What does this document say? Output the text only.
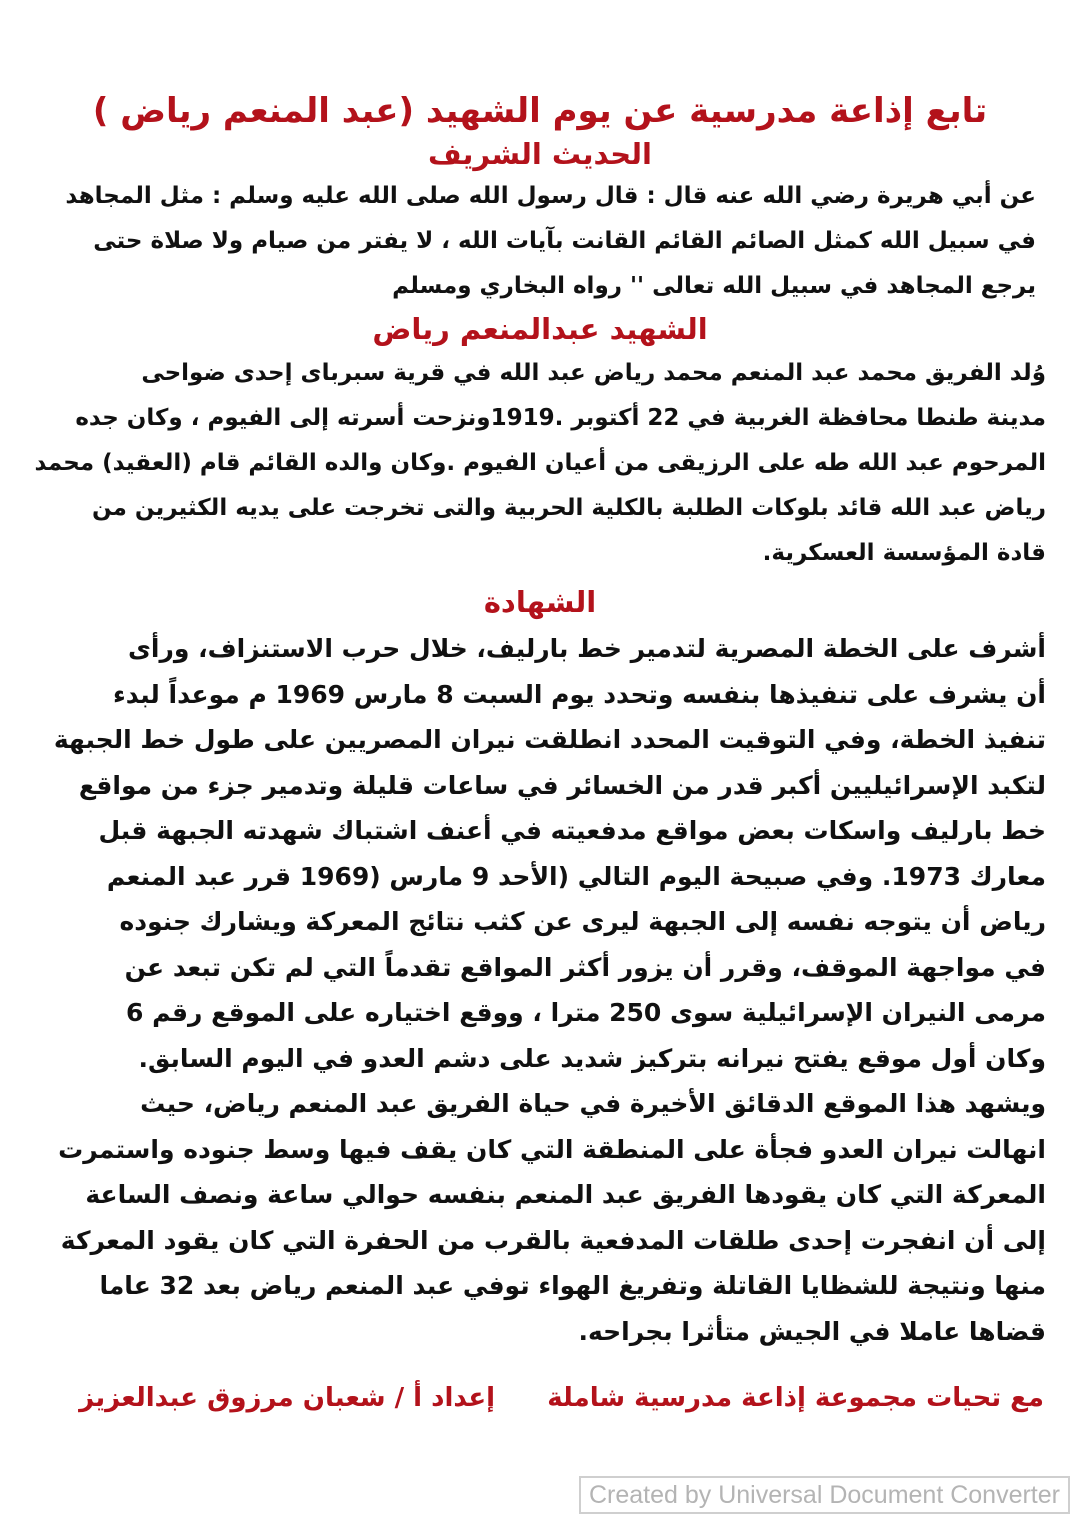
تابع إذاعة مدرسية عن يوم الشهيد (عبد المنعم رياض )
الحديث الشريف

عن أبي هريرة رضي الله عنه قال : قال رسول الله صلى الله عليه وسلم : مثل المجاهد
في سبيل الله كمثل الصائم القائم القانت بآيات الله ، لا يفتر من صيام ولا صلاة حتى
يرجع المجاهد في سبيل الله تعالى '' رواه البخاري ومسلم

الشهيد عبدالمنعم رياض

وُلد الفريق محمد عبد المنعم محمد رياض عبد الله في قرية سبرباى إحدى ضواحى
مدينة طنطا محافظة الغربية في 22 أكتوبر .1919ونزحت أسرته إلى الفيوم ، وكان جده
المرحوم عبد الله طه على الرزيقى من أعيان الفيوم .وكان والده القائم قام (العقيد) محمد
رياض عبد الله قائد بلوكات الطلبة بالكلية الحربية والتى تخرجت على يديه الكثيرين من
قادة المؤسسة العسكرية.

الشهادة

أشرف على الخطة المصرية لتدمير خط بارليف، خلال حرب الاستنزاف، ورأى
أن يشرف على تنفيذها بنفسه وتحدد يوم السبت 8 مارس 1969 م موعداً لبدء
تنفيذ الخطة، وفي التوقيت المحدد انطلقت نيران المصريين على طول خط الجبهة
لتكبد الإسرائيليين أكبر قدر من الخسائر في ساعات قليلة وتدمير جزء من مواقع
خط بارليف واسكات بعض مواقع مدفعيته في أعنف اشتباك شهدته الجبهة قبل
معارك 1973. وفي صبيحة اليوم التالي (الأحد 9 مارس (1969 قرر عبد المنعم
رياض أن يتوجه نفسه إلى الجبهة ليرى عن كثب نتائج المعركة ويشارك جنوده
في مواجهة الموقف، وقرر أن يزور أكثر المواقع تقدماً التي لم تكن تبعد عن
مرمى النيران الإسرائيلية سوى 250 مترا ، ووقع اختياره على الموقع رقم 6
وكان أول موقع يفتح نيرانه بتركيز شديد على دشم العدو في اليوم السابق.
ويشهد هذا الموقع الدقائق الأخيرة في حياة الفريق عبد المنعم رياض، حيث
انهالت نيران العدو فجأة على المنطقة التي كان يقف فيها وسط جنوده واستمرت
المعركة التي كان يقودها الفريق عبد المنعم بنفسه حوالي ساعة ونصف الساعة
إلى أن انفجرت إحدى طلقات المدفعية بالقرب من الحفرة التي كان يقود المعركة
منها ونتيجة للشظايا القاتلة وتفريغ الهواء توفي عبد المنعم رياض بعد 32 عاما
قضاها عاملا في الجيش متأثرا بجراحه.

مع تحيات مجموعة إذاعة مدرسية شاملة  إعداد أ / شعبان مرزوق عبدالعزيز
Created by Universal Document Converter
